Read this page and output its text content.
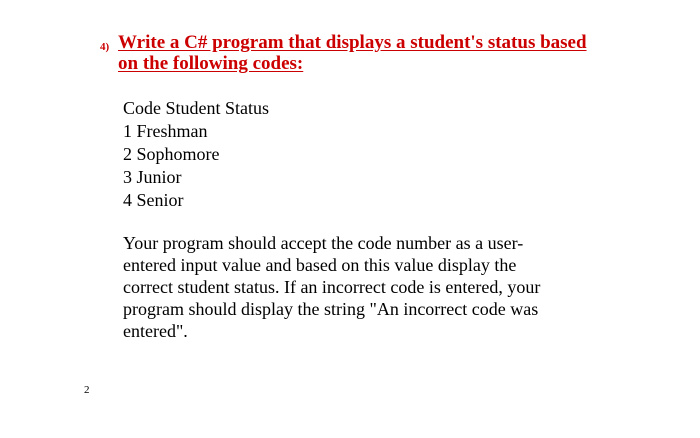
4) Write a C# program that displays a student's status based
on the following codes:
Code Student Status
1 Freshman
2 Sophomore
3 Junior
4 Senior

Your program should accept the code number as a user-
entered input value and based on this value display the
correct student status. If an incorrect code is entered, your
program should display the string "An incorrect code was
entered".

2
